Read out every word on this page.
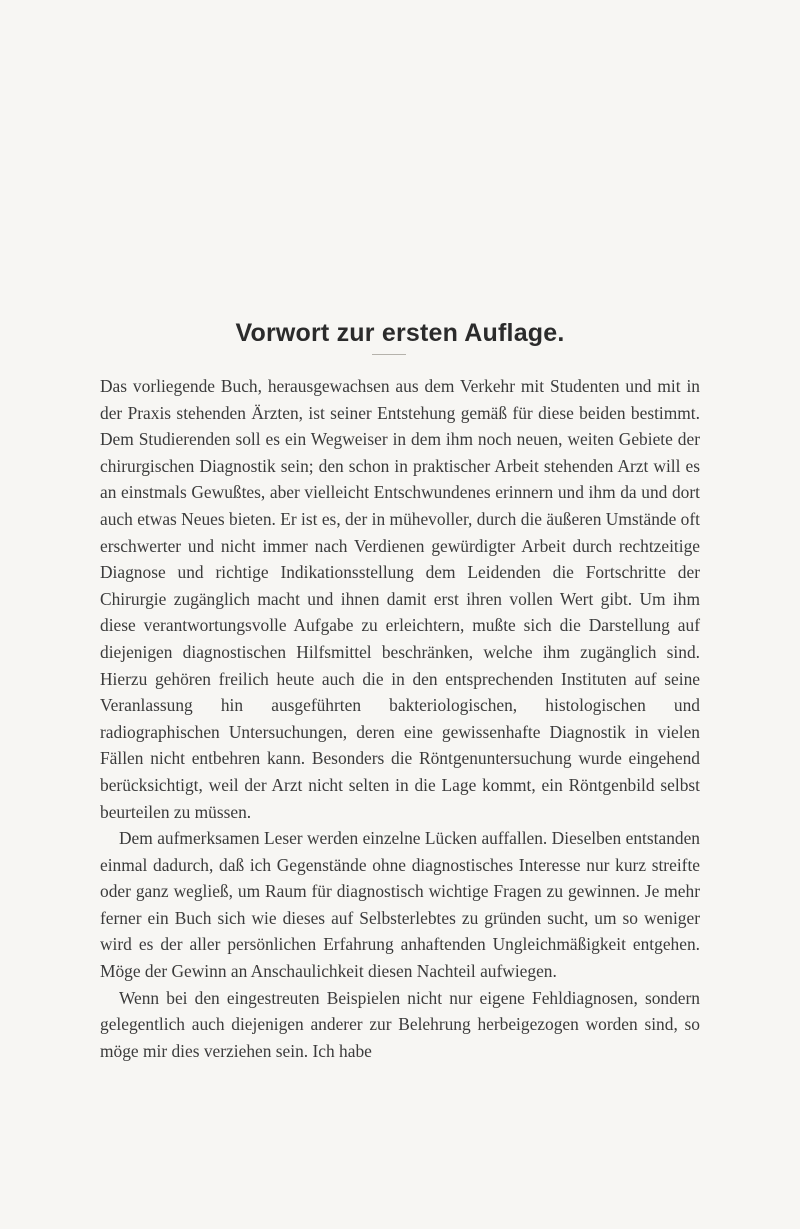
Vorwort zur ersten Auflage.

Das vorliegende Buch, herausgewachsen aus dem Verkehr mit Studenten und mit in der Praxis stehenden Ärzten, ist seiner Entstehung gemäß für diese beiden bestimmt. Dem Studierenden soll es ein Wegweiser in dem ihm noch neuen, weiten Gebiete der chirurgischen Diagnostik sein; den schon in praktischer Arbeit stehenden Arzt will es an einstmals Gewußtes, aber vielleicht Entschwundenes erinnern und ihm da und dort auch etwas Neues bieten. Er ist es, der in mühevoller, durch die äußeren Umstände oft erschwerter und nicht immer nach Verdienen gewürdigter Arbeit durch rechtzeitige Diagnose und richtige Indikationsstellung dem Leidenden die Fortschritte der Chirurgie zugänglich macht und ihnen damit erst ihren vollen Wert gibt. Um ihm diese verantwortungsvolle Aufgabe zu erleichtern, mußte sich die Darstellung auf diejenigen diagnostischen Hilfsmittel beschränken, welche ihm zugänglich sind. Hierzu gehören freilich heute auch die in den entsprechenden Instituten auf seine Veranlassung hin ausgeführten bakteriologischen, histologischen und radiographischen Untersuchungen, deren eine gewissenhafte Diagnostik in vielen Fällen nicht entbehren kann. Besonders die Röntgenuntersuchung wurde eingehend berücksichtigt, weil der Arzt nicht selten in die Lage kommt, ein Röntgenbild selbst beurteilen zu müssen.

Dem aufmerksamen Leser werden einzelne Lücken auffallen. Dieselben entstanden einmal dadurch, daß ich Gegenstände ohne diagnostisches Interesse nur kurz streifte oder ganz wegließ, um Raum für diagnostisch wichtige Fragen zu gewinnen. Je mehr ferner ein Buch sich wie dieses auf Selbsterlebtes zu gründen sucht, um so weniger wird es der aller persönlichen Erfahrung anhaftenden Ungleichmäßigkeit entgehen. Möge der Gewinn an Anschaulichkeit diesen Nachteil aufwiegen.

Wenn bei den eingestreuten Beispielen nicht nur eigene Fehldiagnosen, sondern gelegentlich auch diejenigen anderer zur Belehrung herbeigezogen worden sind, so möge mir dies verziehen sein. Ich habe
